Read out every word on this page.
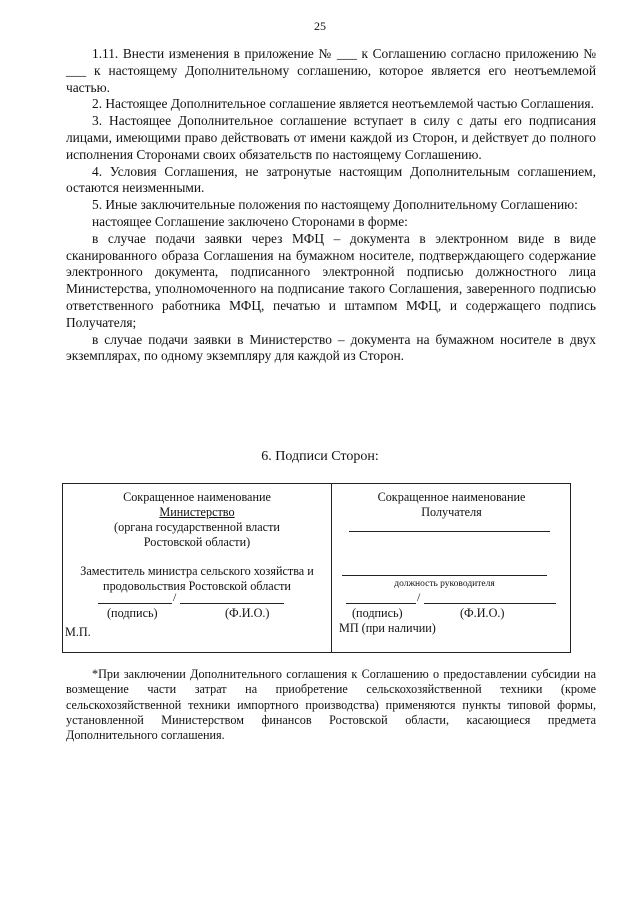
25

1.11. Внести изменения в приложение № ___ к Соглашению согласно приложению № ___ к настоящему Дополнительному соглашению, которое является его неотъемлемой частью.

2. Настоящее Дополнительное соглашение является неотъемлемой частью Соглашения.

3. Настоящее Дополнительное соглашение вступает в силу с даты его подписания лицами, имеющими право действовать от имени каждой из Сторон, и действует до полного исполнения Сторонами своих обязательств по настоящему Соглашению.

4. Условия Соглашения, не затронутые настоящим Дополнительным соглашением, остаются неизменными.

5. Иные заключительные положения по настоящему Дополнительному Соглашению:

настоящее Соглашение заключено Сторонами в форме:

в случае подачи заявки через МФЦ – документа в электронном виде в виде сканированного образа Соглашения на бумажном носителе, подтверждающего содержание электронного документа, подписанного электронной подписью должностного лица Министерства, уполномоченного на подписание такого Соглашения, заверенного подписью ответственного работника МФЦ, печатью и штампом МФЦ, и содержащего подпись Получателя;

в случае подачи заявки в Министерство – документа на бумажном носителе в двух экземплярах, по одному экземпляру для каждой из Сторон.

6. Подписи Сторон:
Сокращенное наименование
Министерство
(органа государственной власти Ростовской области)
Заместитель министра сельского хозяйства и продовольствия Ростовской области
/
(подпись)	(Ф.И.О.)
М.П.
Сокращенное наименование
Получателя
должность руководителя
/
(подпись)	(Ф.И.О.)
МП (при наличии)
*При заключении Дополнительного соглашения к Соглашению о предоставлении субсидии на возмещение части затрат на приобретение сельскохозяйственной техники (кроме сельскохозяйственной техники импортного производства) применяются пункты типовой формы, установленной Министерством финансов Ростовской области, касающиеся предмета Дополнительного соглашения.
